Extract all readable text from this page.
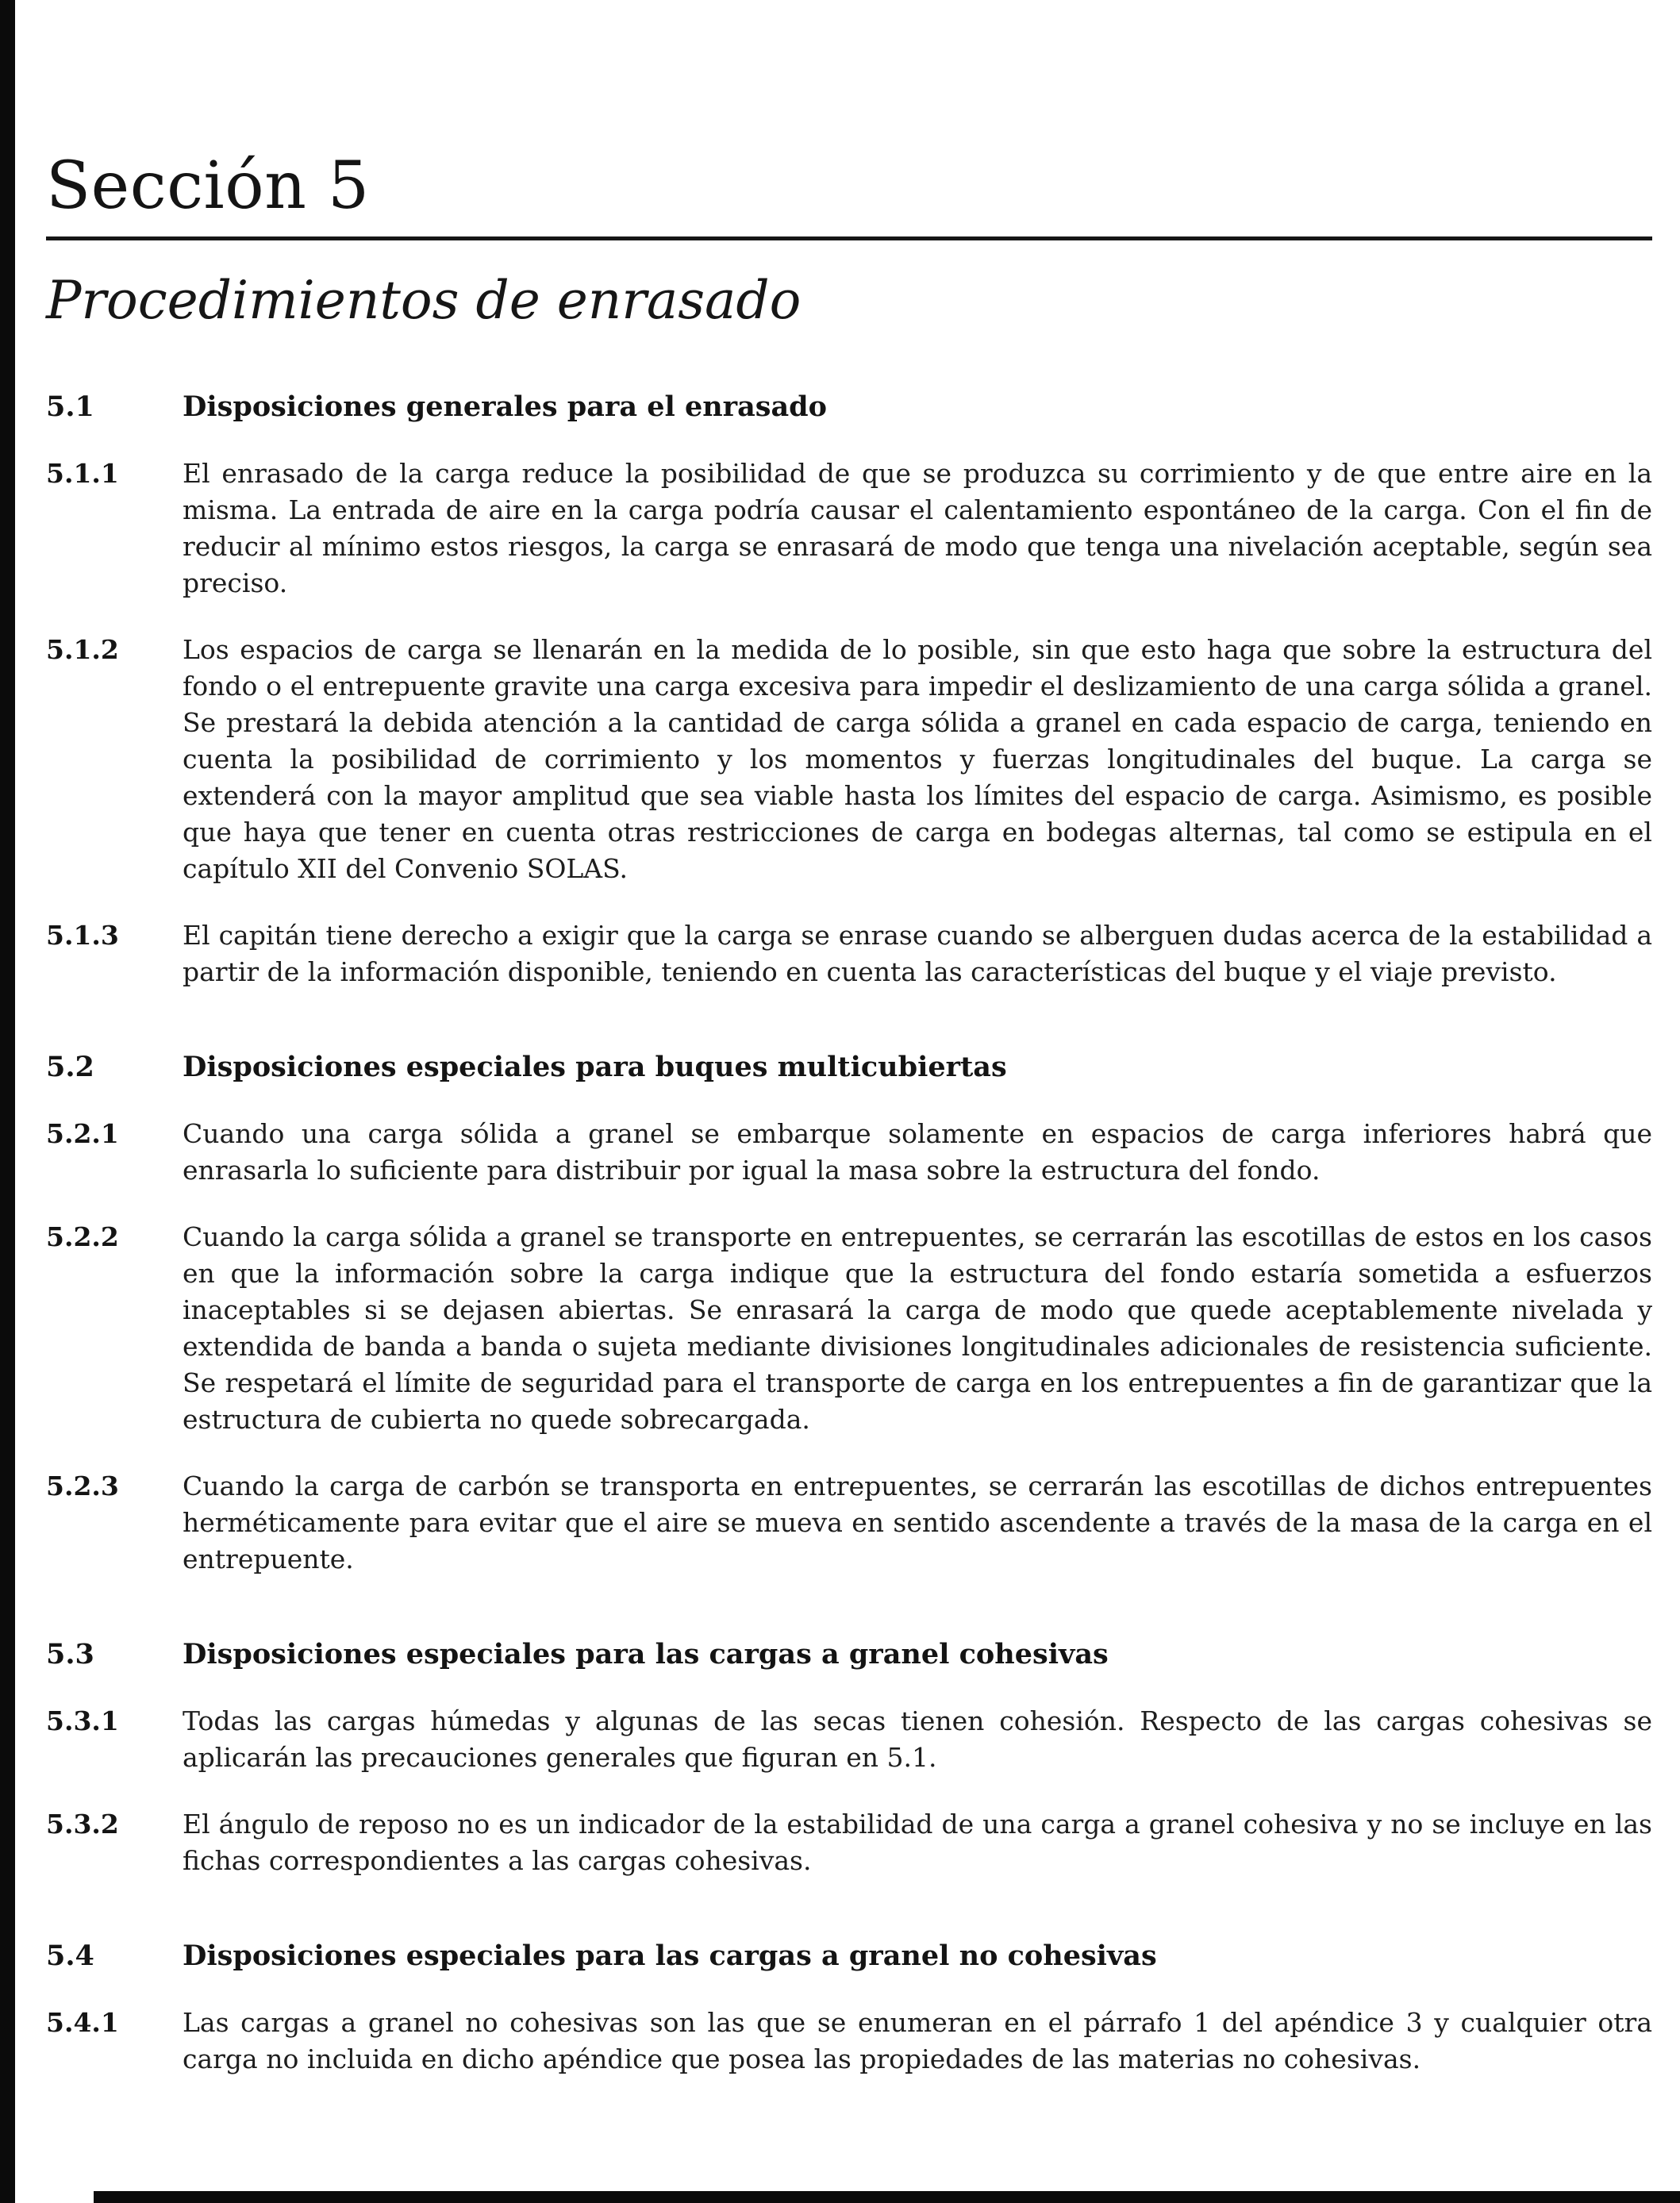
Sección 5
Procedimientos de enrasado
5.1	Disposiciones generales para el enrasado
5.1.1	El enrasado de la carga reduce la posibilidad de que se produzca su corrimiento y de que entre aire en la misma. La entrada de aire en la carga podría causar el calentamiento espontáneo de la carga. Con el fin de reducir al mínimo estos riesgos, la carga se enrasará de modo que tenga una nivelación aceptable, según sea preciso.

5.1.2	Los espacios de carga se llenarán en la medida de lo posible, sin que esto haga que sobre la estructura del fondo o el entrepuente gravite una carga excesiva para impedir el deslizamiento de una carga sólida a granel. Se prestará la debida atención a la cantidad de carga sólida a granel en cada espacio de carga, teniendo en cuenta la posibilidad de corrimiento y los momentos y fuerzas longitudinales del buque. La carga se extenderá con la mayor amplitud que sea viable hasta los límites del espacio de carga. Asimismo, es posible que haya que tener en cuenta otras restricciones de carga en bodegas alternas, tal como se estipula en el capítulo XII del Convenio SOLAS.

5.1.3	El capitán tiene derecho a exigir que la carga se enrase cuando se alberguen dudas acerca de la estabilidad a partir de la información disponible, teniendo en cuenta las características del buque y el viaje previsto.

5.2	Disposiciones especiales para buques multicubiertas
5.2.1	Cuando una carga sólida a granel se embarque solamente en espacios de carga inferiores habrá que enrasarla lo suficiente para distribuir por igual la masa sobre la estructura del fondo.

5.2.2	Cuando la carga sólida a granel se transporte en entrepuentes, se cerrarán las escotillas de estos en los casos en que la información sobre la carga indique que la estructura del fondo estaría sometida a esfuerzos inaceptables si se dejasen abiertas. Se enrasará la carga de modo que quede aceptablemente nivelada y extendida de banda a banda o sujeta mediante divisiones longitudinales adicionales de resistencia suficiente. Se respetará el límite de seguridad para el transporte de carga en los entrepuentes a fin de garantizar que la estructura de cubierta no quede sobrecargada.

5.2.3	Cuando la carga de carbón se transporta en entrepuentes, se cerrarán las escotillas de dichos entrepuentes herméticamente para evitar que el aire se mueva en sentido ascendente a través de la masa de la carga en el entrepuente.

5.3	Disposiciones especiales para las cargas a granel cohesivas
5.3.1	Todas las cargas húmedas y algunas de las secas tienen cohesión. Respecto de las cargas cohesivas se aplicarán las precauciones generales que figuran en 5.1.

5.3.2	El ángulo de reposo no es un indicador de la estabilidad de una carga a granel cohesiva y no se incluye en las fichas correspondientes a las cargas cohesivas.

5.4	Disposiciones especiales para las cargas a granel no cohesivas
5.4.1	Las cargas a granel no cohesivas son las que se enumeran en el párrafo 1 del apéndice 3 y cualquier otra carga no incluida en dicho apéndice que posea las propiedades de las materias no cohesivas.
